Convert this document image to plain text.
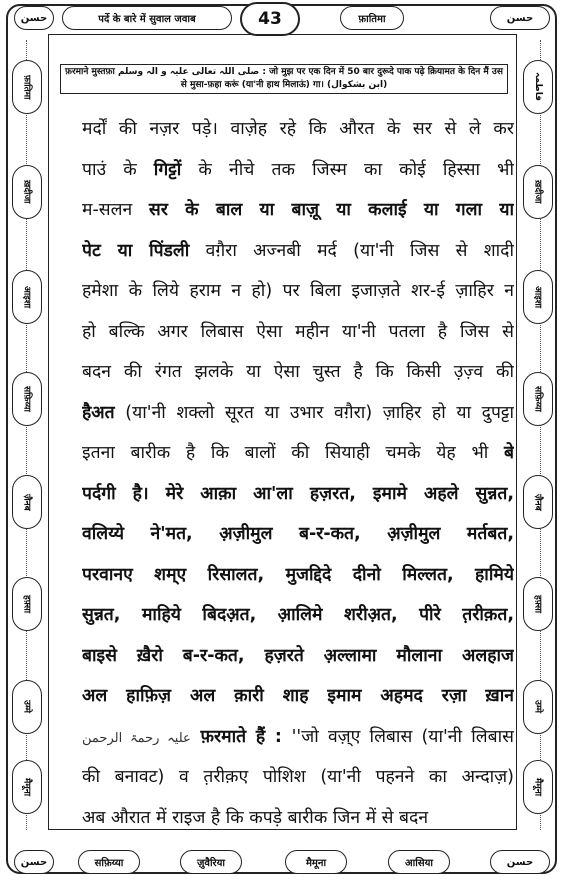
حسن	पर्दे के बारे में सुवाल जवाब	43	फ़ातिमा	حسن
फ़रमाने मुस्तफ़ा صلی اللہ تعالی علیہ و الہ وسلم : जो मुझ पर एक दिन में 50 बार दुरूदे पाक पढ़े क़ियामत के दिन मैं उस
से मुसा-फ़हा करूं (या'नी हाथ मिलाऊं) गा। (ابن بشکوال)
फ़ातिमा
ख़दीजा
आइशा
सफ़िय्या
ज़ैनब
हफ़्सा
उम्मे
मैमूना
فاطمہ
ख़दीजा
आइशा
सफ़िय्या
ज़ैनब
हफ़्सा
उम्मे
मैमूना
मर्दों की नज़र पड़े। वाज़ेह रहे कि औरत के सर से ले कर
पाउं के गिट्टों के नीचे तक जिस्म का कोई हिस्सा भी
म-सलन सर के बाल या बाज़ू या कलाई या गला या
पेट या पिंडली वग़ैरा अज्नबी मर्द (या'नी जिस से शादी
हमेशा के लिये हराम न हो) पर बिला इजाज़ते शर-ई ज़ाहिर न
हो बल्कि अगर लिबास ऐसा महीन या'नी पतला है जिस से
बदन की रंगत झलके या ऐसा चुस्त है कि किसी उ़ज़्व की
हैअत (या'नी शक्लो सूरत या उभार वग़ैरा) ज़ाहिर हो या दुपट्टा
इतना बारीक है कि बालों की सियाही चमके येह भी बे
पर्दगी है। मेरे आक़ा आ'ला हज़रत, इमामे अहले सुन्नत,
वलिय्ये ने'मत, अ़ज़ीमुल ब-र-कत, अ़ज़ीमुल मर्तबत,
परवानए शम्ए रिसालत, मुजद्दिदे दीनो मिल्लत, हामिये
सुन्नत, माहिये बिदअ़त, आ़लिमे शरीअ़त, पीरे त़रीक़त,
बाइसे ख़ैरो ब-र-कत, हज़रते अ़ल्लामा मौलाना अलहाज
अल हाफ़िज़ अल क़ारी शाह इमाम अहमद रज़ा ख़ान
علیہ رحمۃ الرحمن फ़रमाते हैं : ''जो वज़्ए लिबास (या'नी लिबास
की बनावट) व त़रीक़ए पोशिश (या'नी पहनने का अन्दाज़)
अब औरात में राइज है कि कपड़े बारीक जिन में से बदन
حسن	सफ़िय्या	ज़ुवैरिया	मैमूना	आसिया	حسن
